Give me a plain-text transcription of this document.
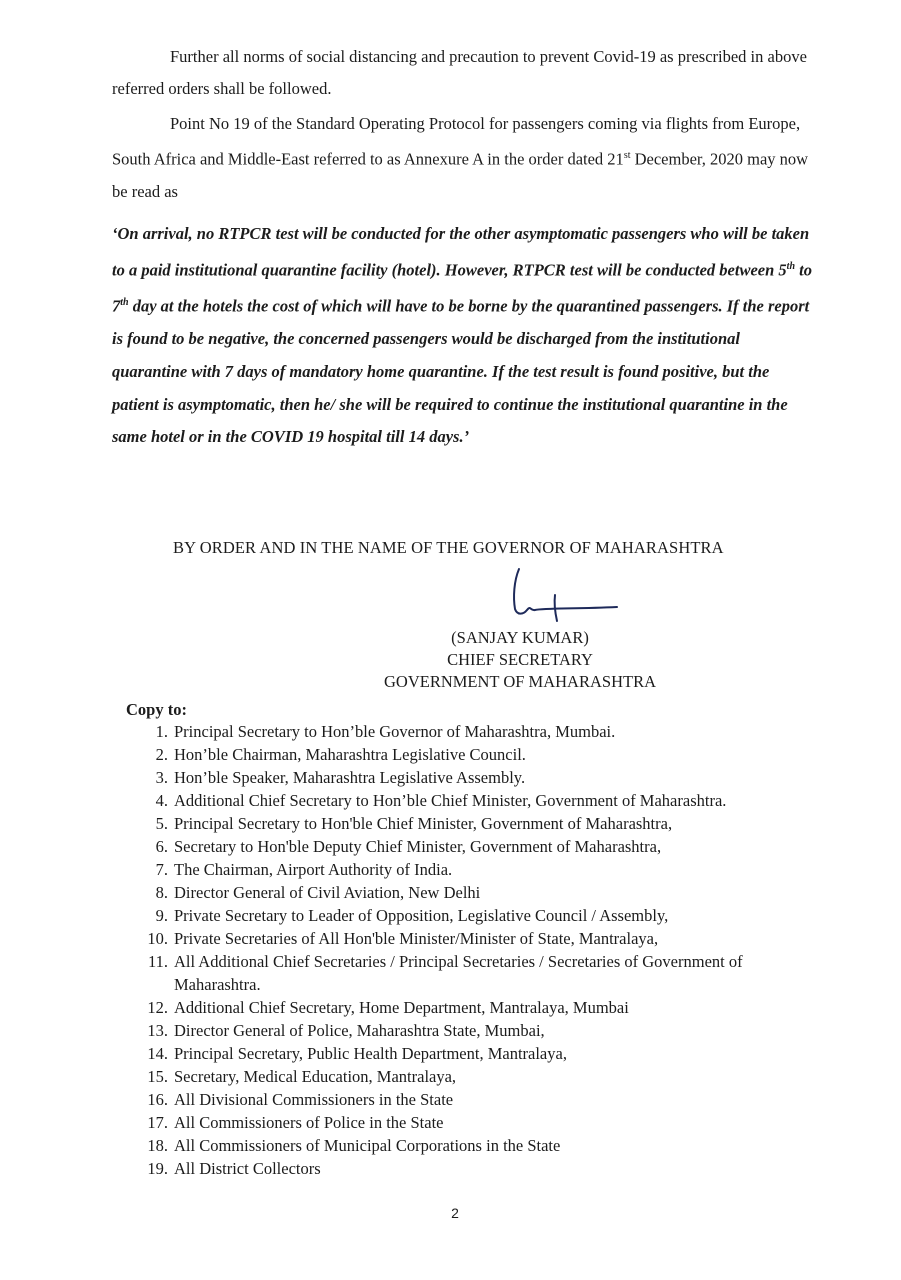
Further all norms of social distancing and precaution to prevent Covid-19 as prescribed in above referred orders shall be followed.

Point No 19 of the Standard Operating Protocol for passengers coming via flights from Europe, South Africa and Middle-East referred to as Annexure A in the order dated 21st December, 2020 may now be read as

‘On arrival, no RTPCR test will be conducted for the other asymptomatic passengers who will be taken to a paid institutional quarantine facility (hotel). However, RTPCR test will be conducted between 5th to 7th day at the hotels the cost of which will have to be borne by the quarantined passengers. If the report is found to be negative, the concerned passengers would be discharged from the institutional quarantine with 7 days of mandatory home quarantine. If the test result is found positive, but the patient is asymptomatic, then he/ she will be required to continue the institutional quarantine in the same hotel or in the COVID 19 hospital till 14 days.’

BY ORDER AND IN THE NAME OF THE GOVERNOR OF MAHARASHTRA
(SANJAY KUMAR)
CHIEF SECRETARY
GOVERNMENT OF MAHARASHTRA
Copy to:
1. Principal Secretary to Hon’ble Governor of Maharashtra, Mumbai.
2. Hon’ble Chairman, Maharashtra Legislative Council.
3. Hon’ble Speaker, Maharashtra Legislative Assembly.
4. Additional Chief Secretary to Hon’ble Chief Minister, Government of Maharashtra.
5. Principal Secretary to Hon'ble Chief Minister, Government of Maharashtra,
6. Secretary to Hon'ble Deputy Chief Minister, Government of Maharashtra,
7. The Chairman, Airport Authority of India.
8. Director General of Civil Aviation, New Delhi
9. Private Secretary to Leader of Opposition, Legislative Council / Assembly,
10. Private Secretaries of All Hon'ble Minister/Minister of State, Mantralaya,
11. All Additional Chief Secretaries / Principal Secretaries / Secretaries of Government of Maharashtra.
12. Additional Chief Secretary, Home Department, Mantralaya, Mumbai
13. Director General of Police, Maharashtra State, Mumbai,
14. Principal Secretary, Public Health Department, Mantralaya,
15. Secretary, Medical Education, Mantralaya,
16. All Divisional Commissioners in the State
17. All Commissioners of Police in the State
18. All Commissioners of Municipal Corporations in the State
19. All District Collectors
2
